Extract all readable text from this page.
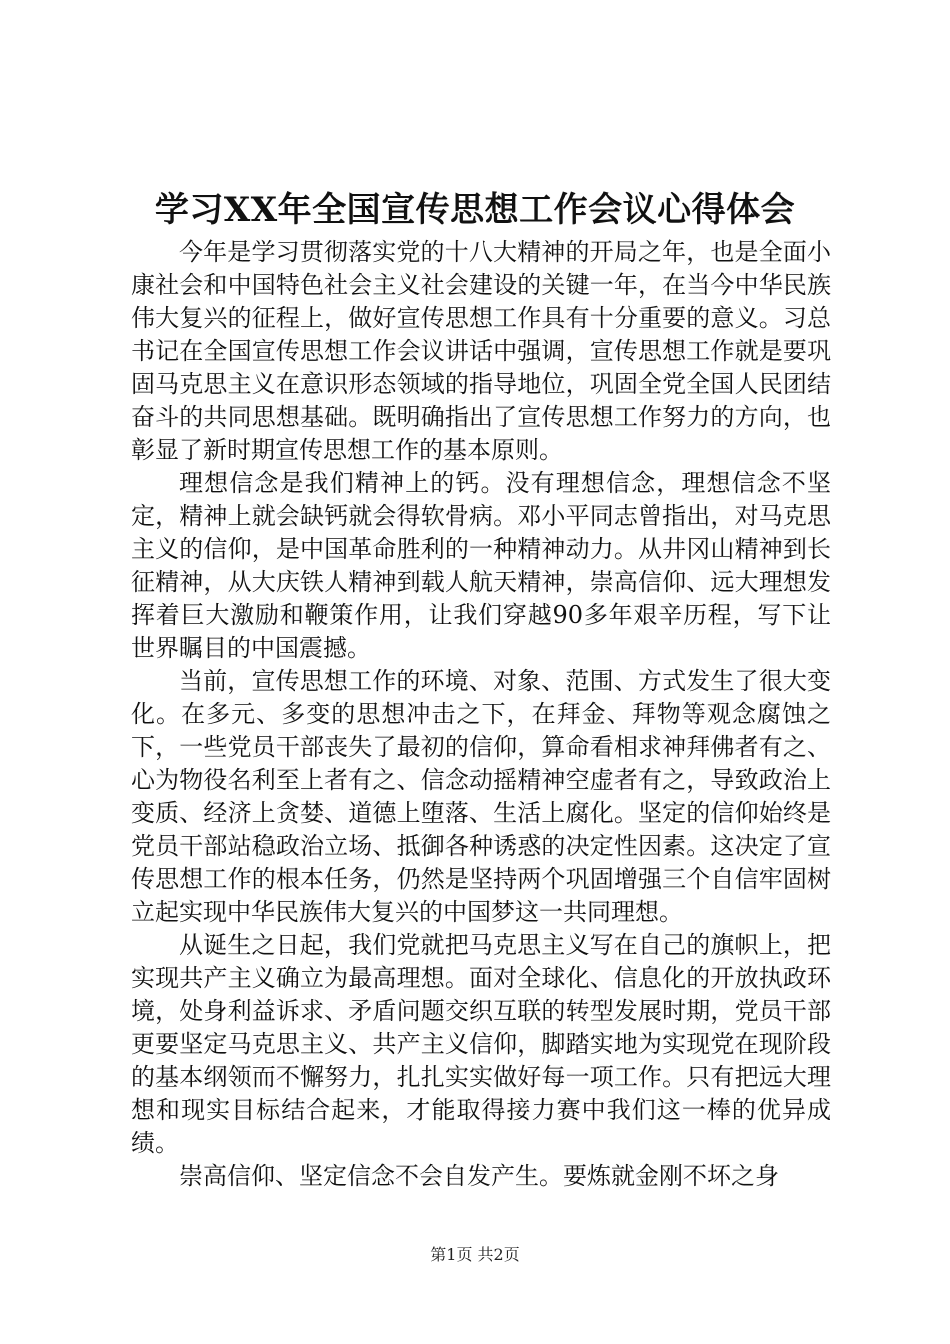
学习XX年全国宣传思想工作会议心得体会

今年是学习贯彻落实党的十八大精神的开局之年，也是全面小康社会和中国特色社会主义社会建设的关键一年，在当今中华民族伟大复兴的征程上，做好宣传思想工作具有十分重要的意义。习总书记在全国宣传思想工作会议讲话中强调，宣传思想工作就是要巩固马克思主义在意识形态领域的指导地位，巩固全党全国人民团结奋斗的共同思想基础。既明确指出了宣传思想工作努力的方向，也彰显了新时期宣传思想工作的基本原则。

理想信念是我们精神上的钙。没有理想信念，理想信念不坚定，精神上就会缺钙就会得软骨病。邓小平同志曾指出，对马克思主义的信仰，是中国革命胜利的一种精神动力。从井冈山精神到长征精神，从大庆铁人精神到载人航天精神，崇高信仰、远大理想发挥着巨大激励和鞭策作用，让我们穿越90多年艰辛历程，写下让世界瞩目的中国震撼。

当前，宣传思想工作的环境、对象、范围、方式发生了很大变化。在多元、多变的思想冲击之下，在拜金、拜物等观念腐蚀之下，一些党员干部丧失了最初的信仰，算命看相求神拜佛者有之、心为物役名利至上者有之、信念动摇精神空虚者有之，导致政治上变质、经济上贪婪、道德上堕落、生活上腐化。坚定的信仰始终是党员干部站稳政治立场、抵御各种诱惑的决定性因素。这决定了宣传思想工作的根本任务，仍然是坚持两个巩固增强三个自信牢固树立起实现中华民族伟大复兴的中国梦这一共同理想。

从诞生之日起，我们党就把马克思主义写在自己的旗帜上，把实现共产主义确立为最高理想。面对全球化、信息化的开放执政环境，处身利益诉求、矛盾问题交织互联的转型发展时期，党员干部更要坚定马克思主义、共产主义信仰，脚踏实地为实现党在现阶段的基本纲领而不懈努力，扎扎实实做好每一项工作。只有把远大理想和现实目标结合起来，才能取得接力赛中我们这一棒的优异成绩。

崇高信仰、坚定信念不会自发产生。要炼就金刚不坏之身

第1页 共2页
